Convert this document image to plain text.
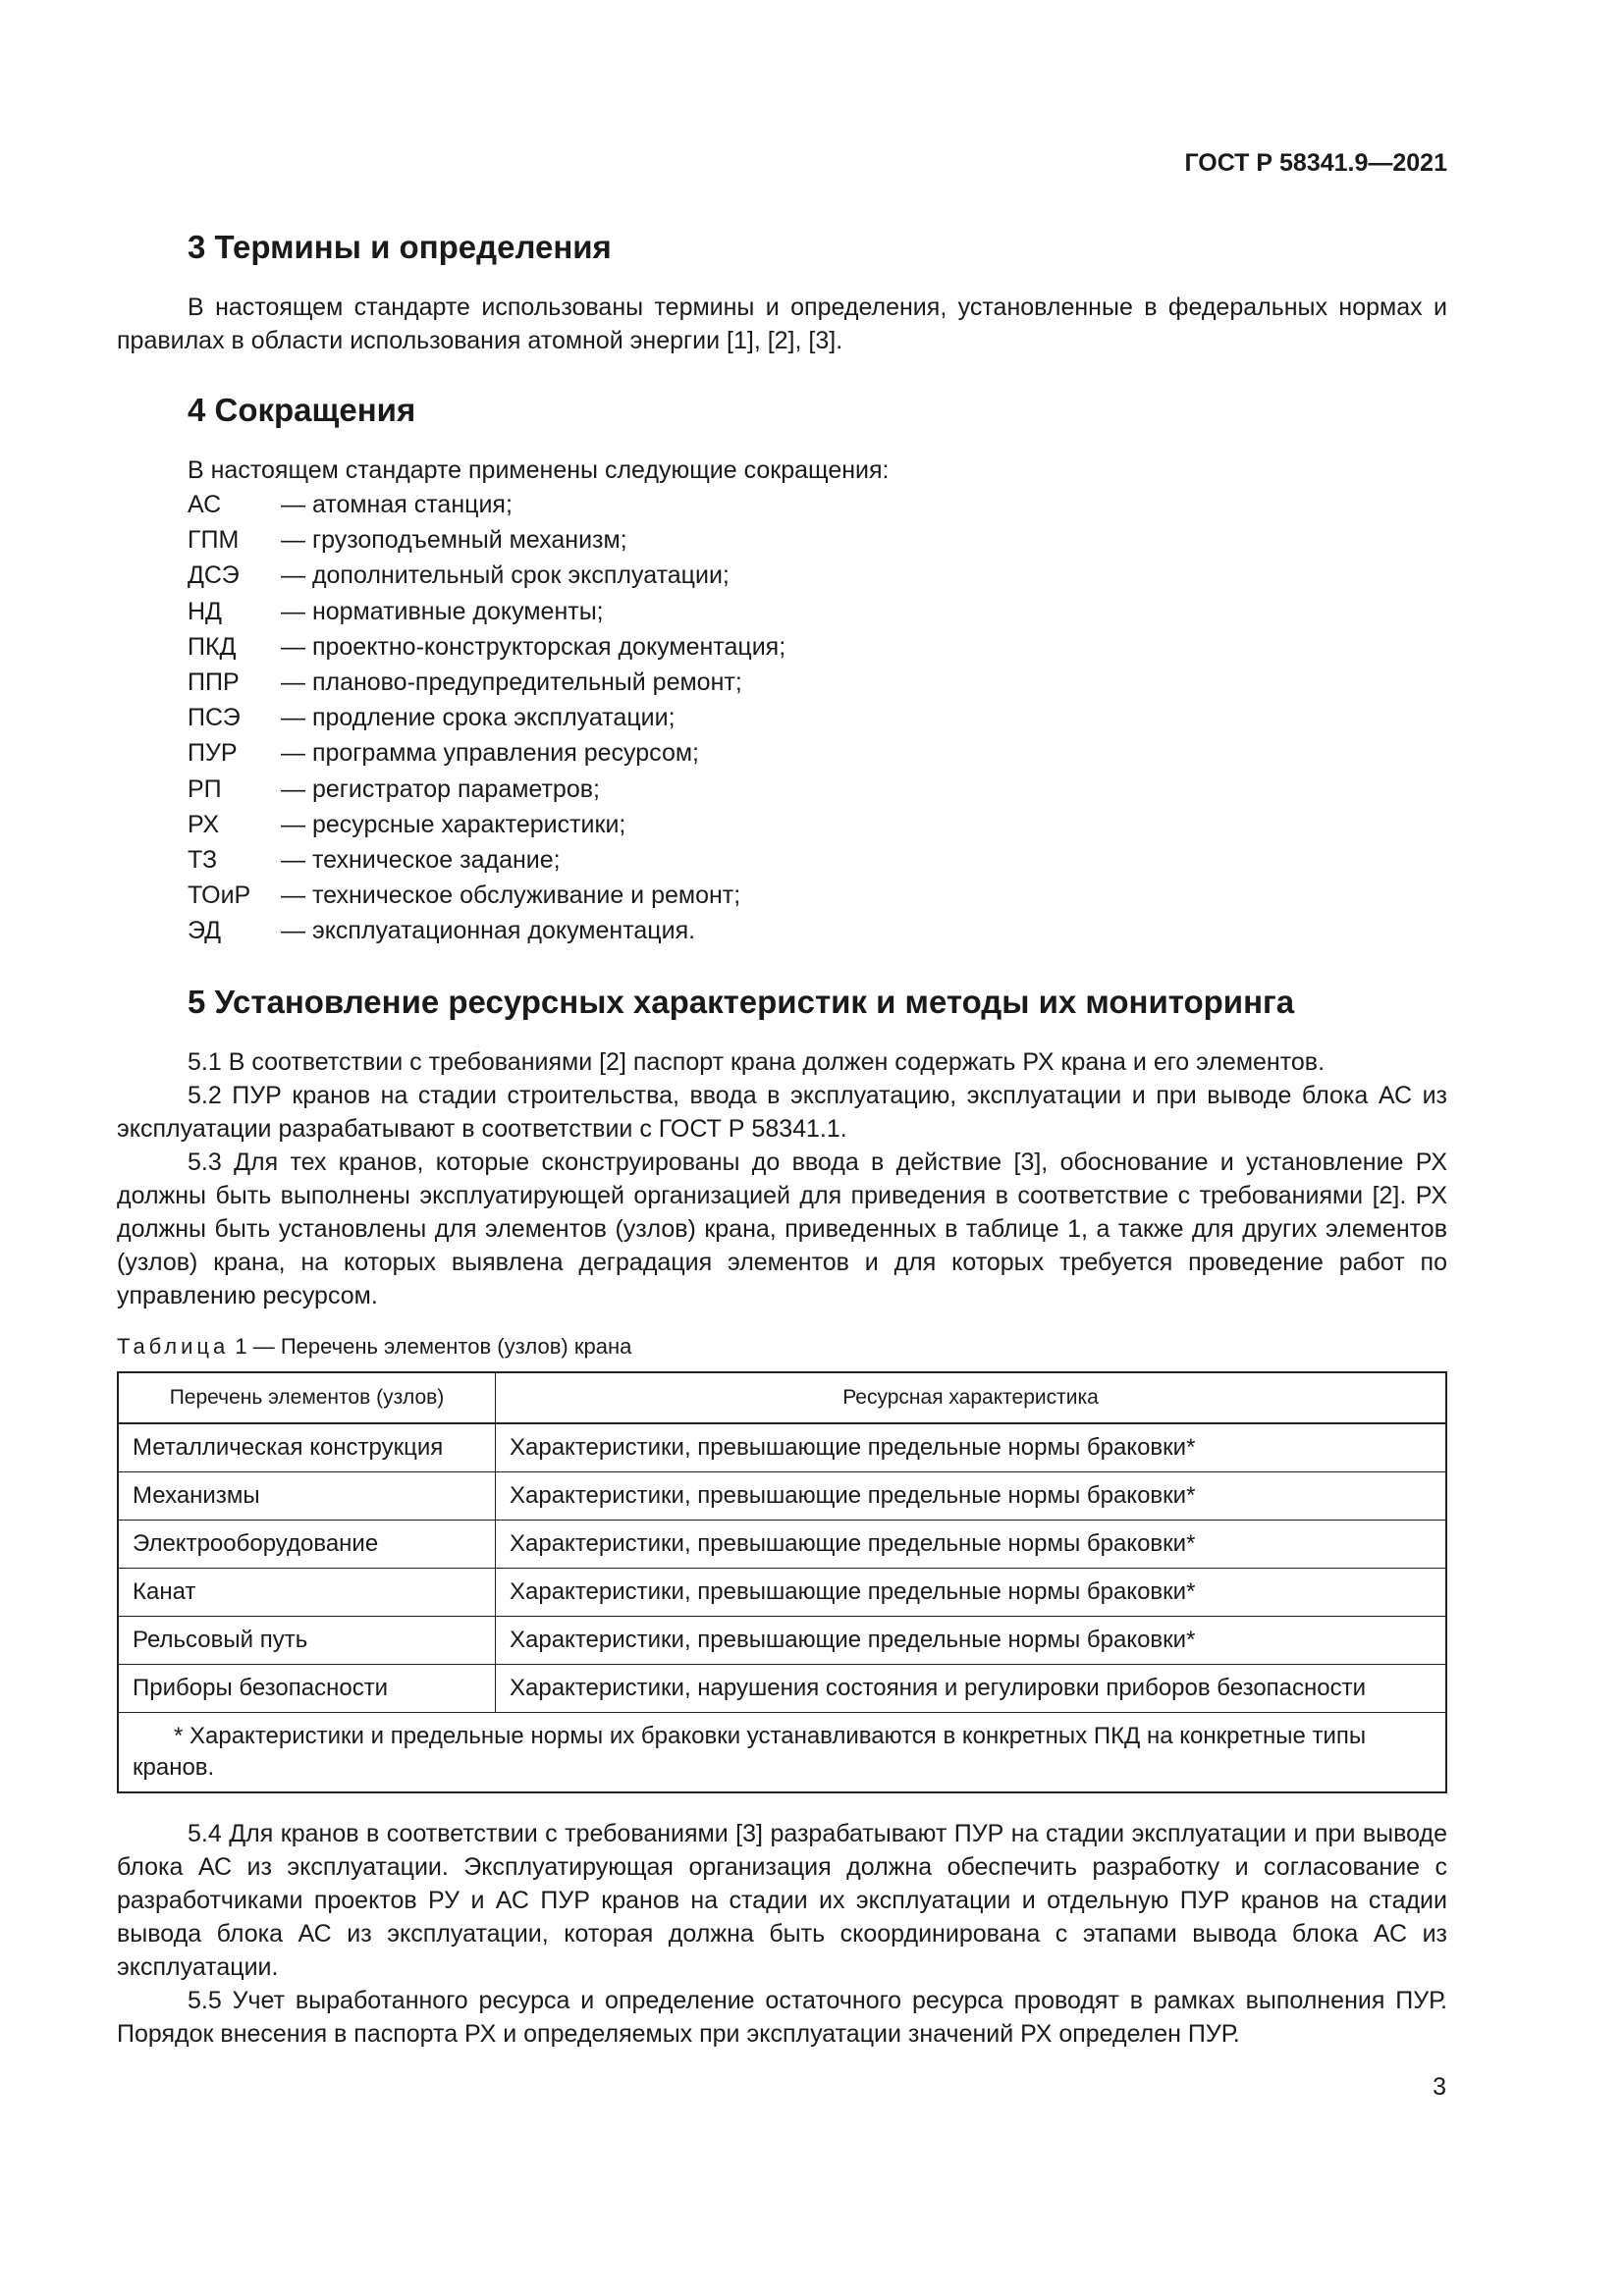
ГОСТ Р 58341.9—2021
3 Термины и определения

В настоящем стандарте использованы термины и определения, установленные в федеральных нормах и правилах в области использования атомной энергии [1], [2], [3].

4 Сокращения

В настоящем стандарте применены следующие сокращения:

АС	— атомная станция;
ГПМ	— грузоподъемный механизм;
ДСЭ	— дополнительный срок эксплуатации;
НД	— нормативные документы;
ПКД	— проектно-конструкторская документация;
ППР	— планово-предупредительный ремонт;
ПСЭ	— продление срока эксплуатации;
ПУР	— программа управления ресурсом;
РП	— регистратор параметров;
РХ	— ресурсные характеристики;
ТЗ	— техническое задание;
ТОиР	— техническое обслуживание и ремонт;
ЭД	— эксплуатационная документация.
5 Установление ресурсных характеристик и методы их мониторинга

5.1 В соответствии с требованиями [2] паспорт крана должен содержать РХ крана и его элементов.

5.2 ПУР кранов на стадии строительства, ввода в эксплуатацию, эксплуатации и при выводе блока АС из эксплуатации разрабатывают в соответствии с ГОСТ Р 58341.1.

5.3 Для тех кранов, которые сконструированы до ввода в действие [3], обоснование и установление РХ должны быть выполнены эксплуатирующей организацией для приведения в соответствие с требованиями [2]. РХ должны быть установлены для элементов (узлов) крана, приведенных в таблице 1, а также для других элементов (узлов) крана, на которых выявлена деградация элементов и для которых требуется проведение работ по управлению ресурсом.

Таблица 1 — Перечень элементов (узлов) крана
Перечень элементов (узлов)	Ресурсная характеристика
Металлическая конструкция	Характеристики, превышающие предельные нормы браковки*
Механизмы	Характеристики, превышающие предельные нормы браковки*
Электрооборудование	Характеристики, превышающие предельные нормы браковки*
Канат	Характеристики, превышающие предельные нормы браковки*
Рельсовый путь	Характеристики, превышающие предельные нормы браковки*
Приборы безопасности	Характеристики, нарушения состояния и регулировки приборов безопасности
* Характеристики и предельные нормы их браковки устанавливаются в конкретных ПКД на конкретные типы кранов.	

5.4 Для кранов в соответствии с требованиями [3] разрабатывают ПУР на стадии эксплуатации и при выводе блока АС из эксплуатации. Эксплуатирующая организация должна обеспечить разработку и согласование с разработчиками проектов РУ и АС ПУР кранов на стадии их эксплуатации и отдельную ПУР кранов на стадии вывода блока АС из эксплуатации, которая должна быть скоординирована с этапами вывода блока АС из эксплуатации.

5.5 Учет выработанного ресурса и определение остаточного ресурса проводят в рамках выполнения ПУР. Порядок внесения в паспорта РХ и определяемых при эксплуатации значений РХ определен ПУР.

3
